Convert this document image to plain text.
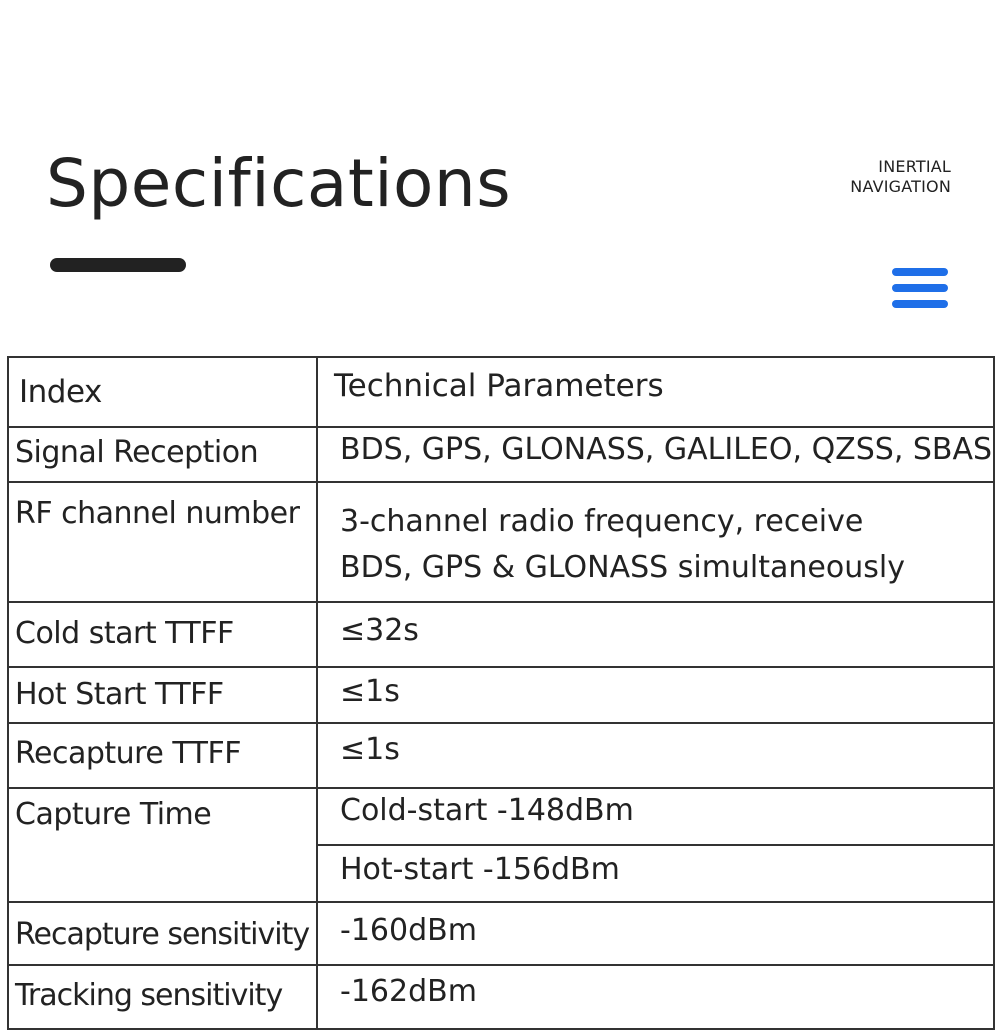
Specifications	INERTIAL
NAVIGATION
Index	Technical Parameters

Signal Reception	BDS, GPS, GLONASS, GALILEO, QZSS, SBAS

RF channel number	3-channel radio frequency, receive
BDS, GPS & GLONASS simultaneously

Cold start TTFF	≤32s

Hot Start TTFF	≤1s

Recapture TTFF	≤1s

Capture Time	Cold-start -148dBm

	Hot-start -156dBm

Recapture sensitivity	-160dBm

Tracking sensitivity	-162dBm
